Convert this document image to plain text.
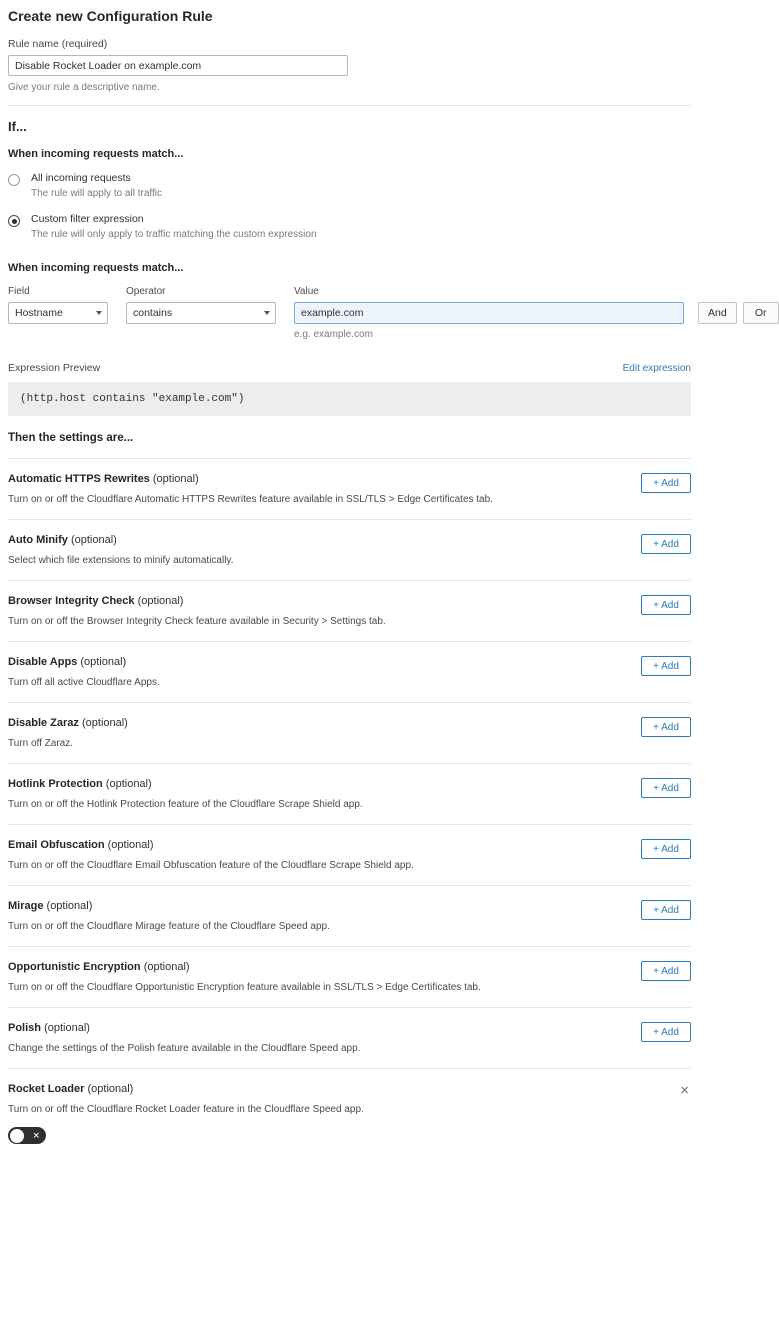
Create new Configuration Rule
Rule name (required)
Disable Rocket Loader on example.com
Give your rule a descriptive name.
If...
When incoming requests match...
All incoming requests
The rule will apply to all traffic
Custom filter expression
The rule will only apply to traffic matching the custom expression
When incoming requests match...
Field
Hostname
Operator
contains
Value
example.com
e.g. example.com
And	Or
Expression Preview	Edit expression
(http.host contains "example.com")
Then the settings are...
Automatic HTTPS Rewrites (optional)
Turn on or off the Cloudflare Automatic HTTPS Rewrites feature available in SSL/TLS > Edge Certificates tab.
+ Add
Auto Minify (optional)
Select which file extensions to minify automatically.
+ Add
Browser Integrity Check (optional)
Turn on or off the Browser Integrity Check feature available in Security > Settings tab.
+ Add
Disable Apps (optional)
Turn off all active Cloudflare Apps.
+ Add
Disable Zaraz (optional)
Turn off Zaraz.
+ Add
Hotlink Protection (optional)
Turn on or off the Hotlink Protection feature of the Cloudflare Scrape Shield app.
+ Add
Email Obfuscation (optional)
Turn on or off the Cloudflare Email Obfuscation feature of the Cloudflare Scrape Shield app.
+ Add
Mirage (optional)
Turn on or off the Cloudflare Mirage feature of the Cloudflare Speed app.
+ Add
Opportunistic Encryption (optional)
Turn on or off the Cloudflare Opportunistic Encryption feature available in SSL/TLS > Edge Certificates tab.
+ Add
Polish (optional)
Change the settings of the Polish feature available in the Cloudflare Speed app.
+ Add
Rocket Loader (optional)
Turn on or off the Cloudflare Rocket Loader feature in the Cloudflare Speed app.
×
✕
